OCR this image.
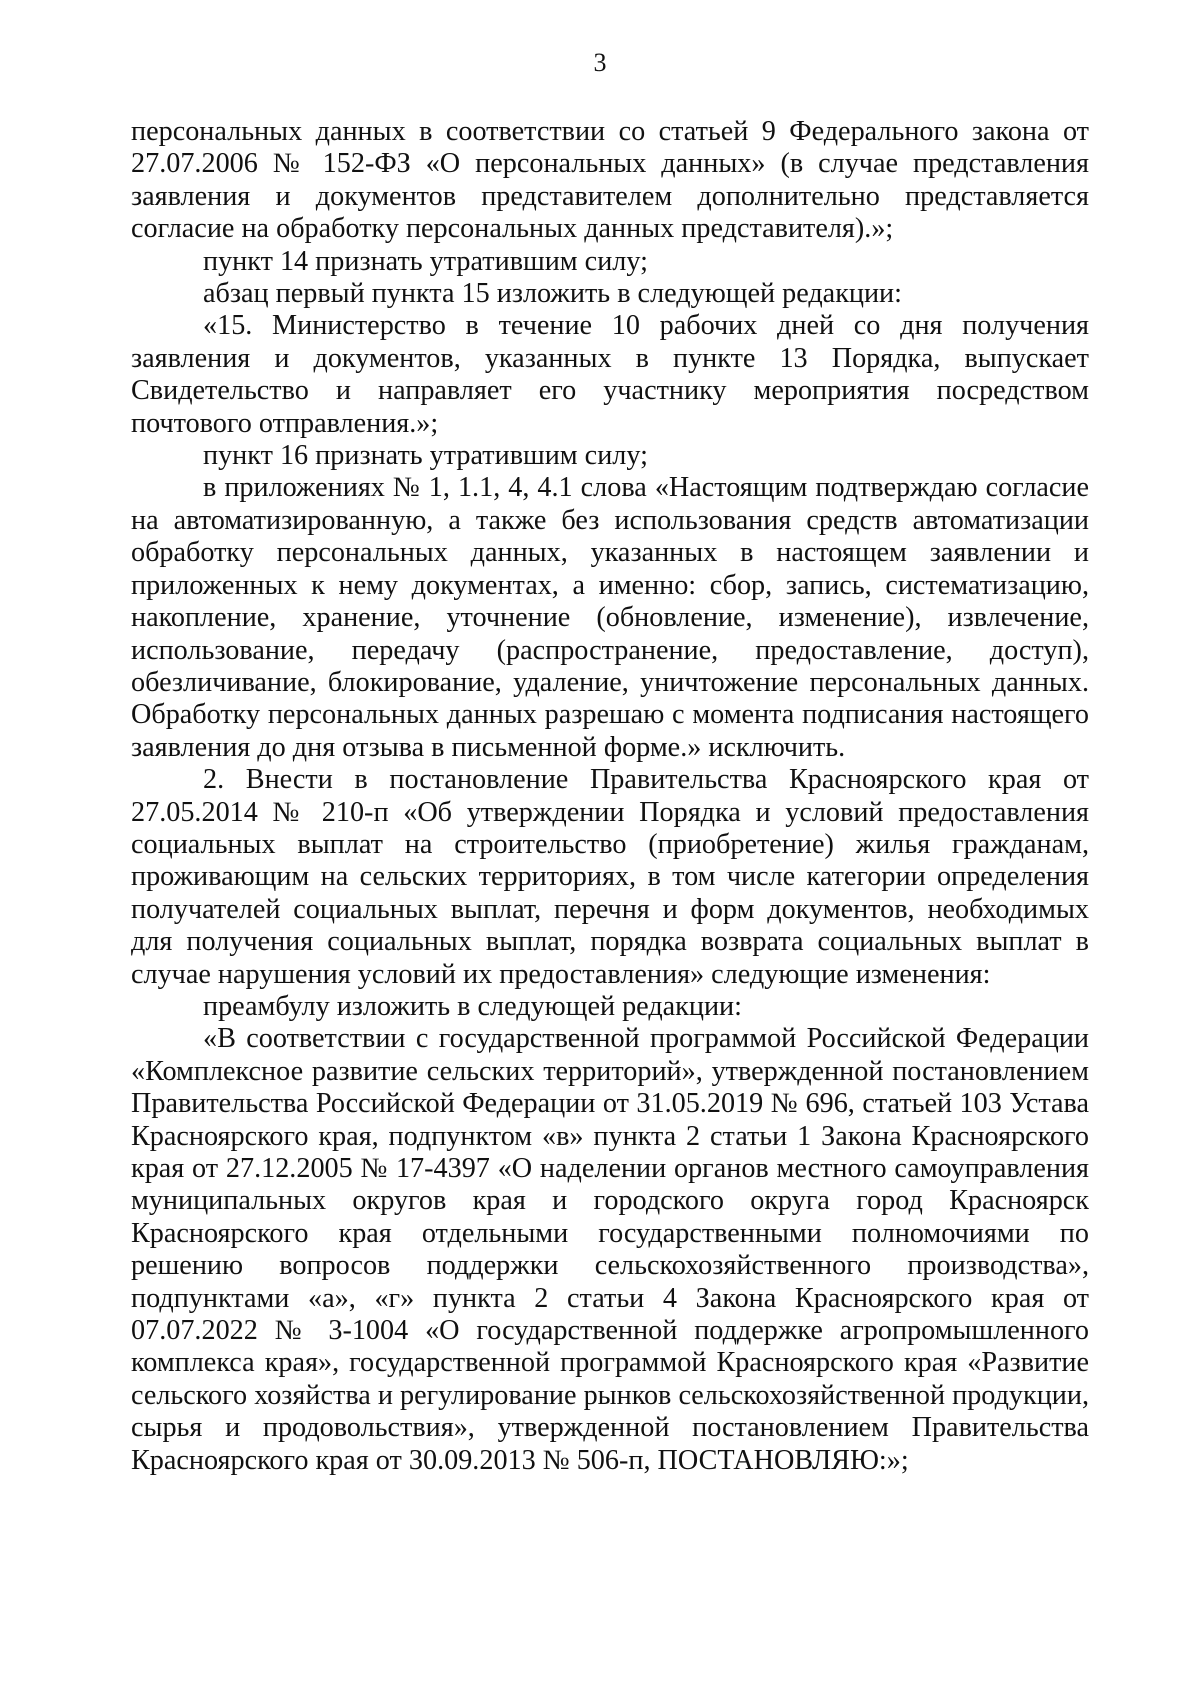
3

персональных данных в соответствии со статьей 9 Федерального закона от 27.07.2006 № 152-ФЗ «О персональных данных» (в случае представления заявления и документов представителем дополнительно представляется согласие на обработку персональных данных представителя).»;

пункт 14 признать утратившим силу;

абзац первый пункта 15 изложить в следующей редакции:

«15. Министерство в течение 10 рабочих дней со дня получения заявления и документов, указанных в пункте 13 Порядка, выпускает Свидетельство и направляет его участнику мероприятия посредством почтового отправления.»;

пункт 16 признать утратившим силу;

в приложениях № 1, 1.1, 4, 4.1 слова «Настоящим подтверждаю согласие на автоматизированную, а также без использования средств автоматизации обработку персональных данных, указанных в настоящем заявлении и приложенных к нему документах, а именно: сбор, запись, систематизацию, накопление, хранение, уточнение (обновление, изменение), извлечение, использование, передачу (распространение, предоставление, доступ), обезличивание, блокирование, удаление, уничтожение персональных данных. Обработку персональных данных разрешаю с момента подписания настоящего заявления до дня отзыва в письменной форме.» исключить.

2. Внести в постановление Правительства Красноярского края от 27.05.2014 № 210-п «Об утверждении Порядка и условий предоставления социальных выплат на строительство (приобретение) жилья гражданам, проживающим на сельских территориях, в том числе категории определения получателей социальных выплат, перечня и форм документов, необходимых для получения социальных выплат, порядка возврата социальных выплат в случае нарушения условий их предоставления» следующие изменения:

преамбулу изложить в следующей редакции:

«В соответствии с государственной программой Российской Федерации «Комплексное развитие сельских территорий», утвержденной постановлением Правительства Российской Федерации от 31.05.2019 № 696, статьей 103 Устава Красноярского края, подпунктом «в» пункта 2 статьи 1 Закона Красноярского края от 27.12.2005 № 17-4397 «О наделении органов местного самоуправления муниципальных округов края и городского округа город Красноярск Красноярского края отдельными государственными полномочиями по решению вопросов поддержки сельскохозяйственного производства», подпунктами «а», «г» пункта 2 статьи 4 Закона Красноярского края от 07.07.2022 № 3-1004 «О государственной поддержке агропромышленного комплекса края», государственной программой Красноярского края «Развитие сельского хозяйства и регулирование рынков сельскохозяйственной продукции, сырья и продовольствия», утвержденной постановлением Правительства Красноярского края от 30.09.2013 № 506-п, ПОСТАНОВЛЯЮ:»;
